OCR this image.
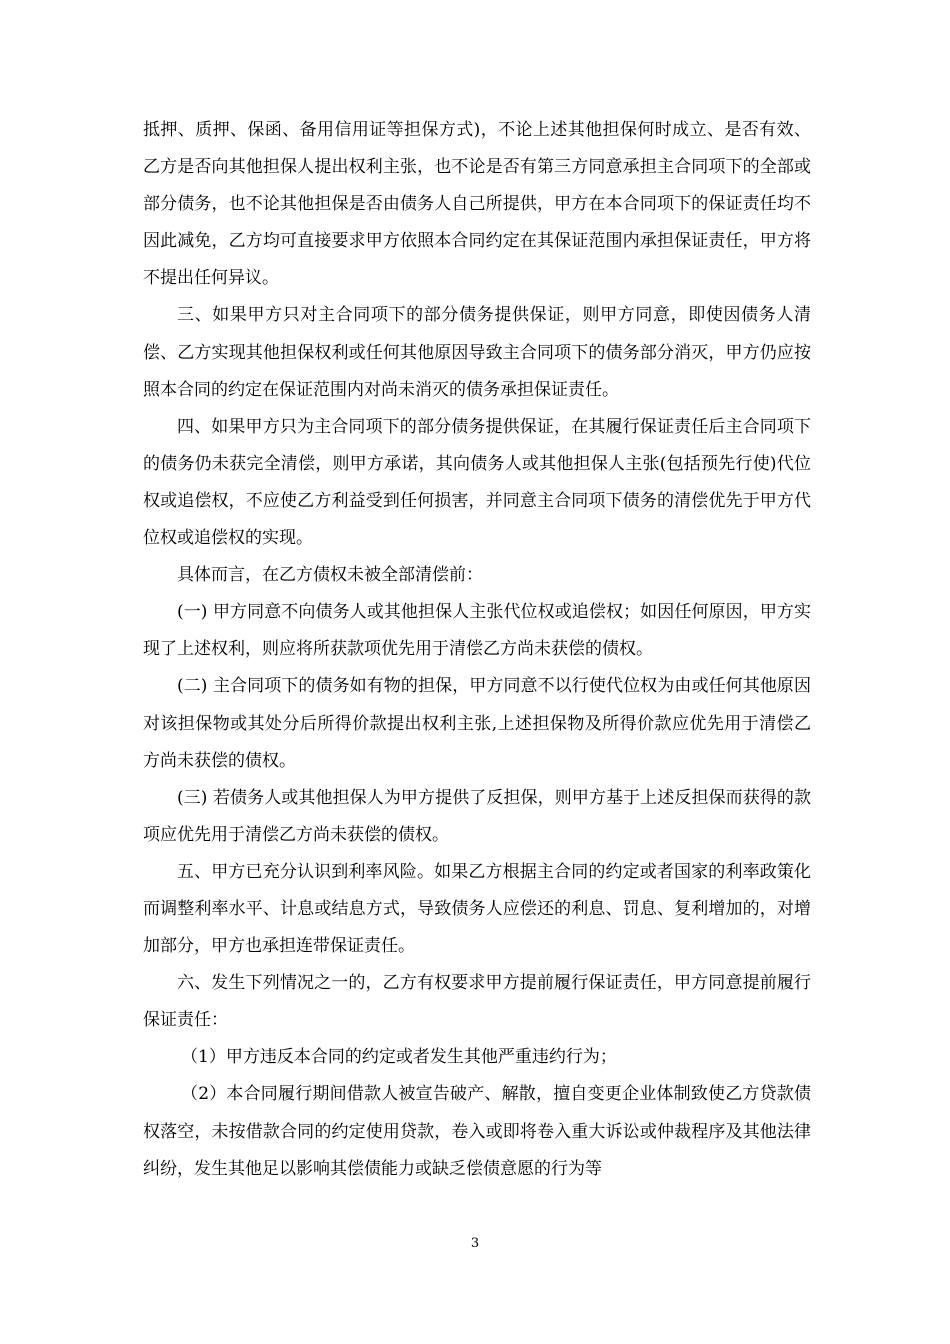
抵押、质押、保函、备用信用证等担保方式)，不论上述其他担保何时成立、是否有效、乙方是否向其他担保人提出权利主张，也不论是否有第三方同意承担主合同项下的全部或部分债务，也不论其他担保是否由债务人自己所提供，甲方在本合同项下的保证责任均不因此减免，乙方均可直接要求甲方依照本合同约定在其保证范围内承担保证责任，甲方将不提出任何异议。

三、如果甲方只对主合同项下的部分债务提供保证，则甲方同意，即使因债务人清偿、乙方实现其他担保权利或任何其他原因导致主合同项下的债务部分消灭，甲方仍应按照本合同的约定在保证范围内对尚未消灭的债务承担保证责任。

四、如果甲方只为主合同项下的部分债务提供保证，在其履行保证责任后主合同项下的债务仍未获完全清偿，则甲方承诺，其向债务人或其他担保人主张(包括预先行使)代位权或追偿权，不应使乙方利益受到任何损害，并同意主合同项下债务的清偿优先于甲方代位权或追偿权的实现。

具体而言，在乙方债权未被全部清偿前：

(一) 甲方同意不向债务人或其他担保人主张代位权或追偿权；如因任何原因，甲方实现了上述权利，则应将所获款项优先用于清偿乙方尚未获偿的债权。

(二) 主合同项下的债务如有物的担保，甲方同意不以行使代位权为由或任何其他原因对该担保物或其处分后所得价款提出权利主张,上述担保物及所得价款应优先用于清偿乙方尚未获偿的债权。

(三) 若债务人或其他担保人为甲方提供了反担保，则甲方基于上述反担保而获得的款项应优先用于清偿乙方尚未获偿的债权。

五、甲方已充分认识到利率风险。如果乙方根据主合同的约定或者国家的利率政策化而调整利率水平、计息或结息方式，导致债务人应偿还的利息、罚息、复利增加的，对增加部分，甲方也承担连带保证责任。

六、发生下列情况之一的，乙方有权要求甲方提前履行保证责任，甲方同意提前履行保证责任：

（1）甲方违反本合同的约定或者发生其他严重违约行为；

（2）本合同履行期间借款人被宣告破产、解散，擅自变更企业体制致使乙方贷款债权落空，未按借款合同的约定使用贷款，卷入或即将卷入重大诉讼或仲裁程序及其他法律纠纷，发生其他足以影响其偿债能力或缺乏偿债意愿的行为等

3
